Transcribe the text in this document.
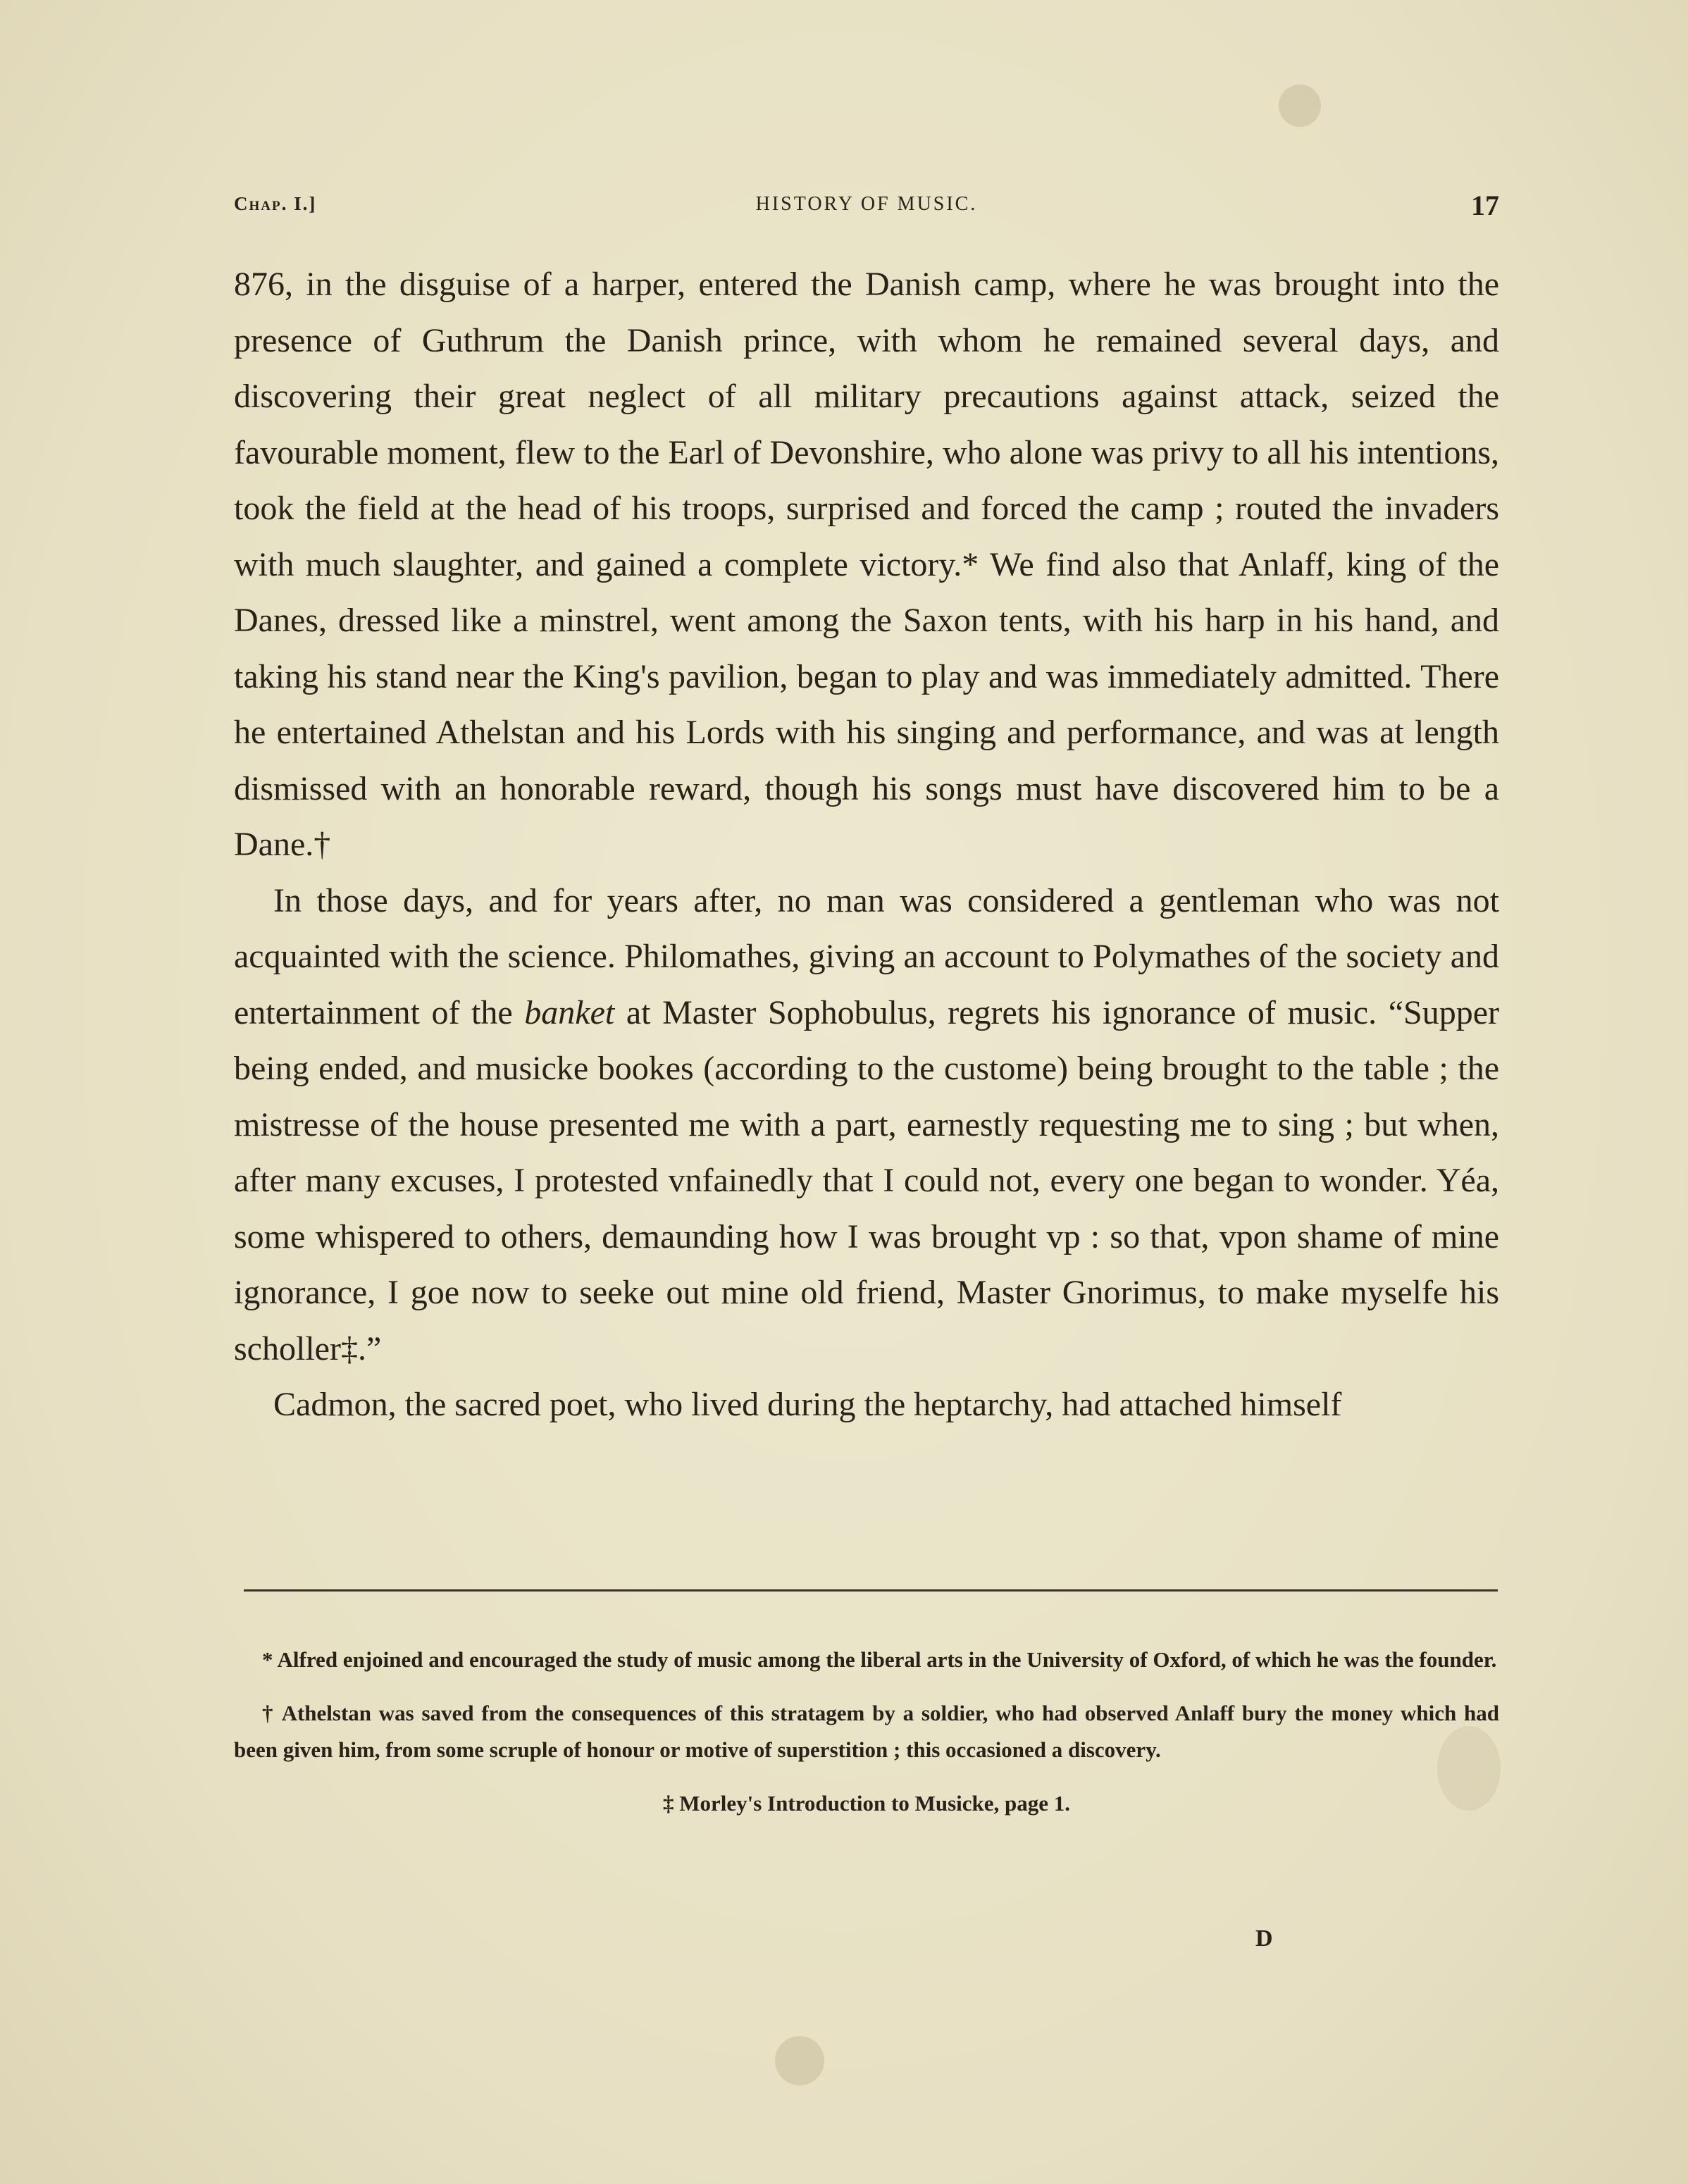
Chap. I.]	HISTORY OF MUSIC.	17

876, in the disguise of a harper, entered the Danish camp, where he was brought into the presence of Guthrum the Danish prince, with whom he remained several days, and discovering their great neglect of all military precautions against attack, seized the favourable moment, flew to the Earl of Devonshire, who alone was privy to all his intentions, took the field at the head of his troops, surprised and forced the camp ; routed the invaders with much slaughter, and gained a complete victory.* We find also that Anlaff, king of the Danes, dressed like a minstrel, went among the Saxon tents, with his harp in his hand, and taking his stand near the King's pavilion, began to play and was immediately admitted. There he entertained Athelstan and his Lords with his singing and performance, and was at length dismissed with an honorable reward, though his songs must have discovered him to be a Dane.†

In those days, and for years after, no man was considered a gentleman who was not acquainted with the science. Philomathes, giving an account to Polymathes of the society and entertainment of the banket at Master Sophobulus, regrets his ignorance of music. “Supper being ended, and musicke bookes (according to the custome) being brought to the table ; the mistresse of the house presented me with a part, earnestly requesting me to sing ; but when, after many excuses, I protested vnfainedly that I could not, every one began to wonder. Yéa, some whispered to others, demaunding how I was brought vp : so that, vpon shame of mine ignorance, I goe now to seeke out mine old friend, Master Gnorimus, to make myselfe his scholler‡.”

Cadmon, the sacred poet, who lived during the heptarchy, had attached himself

* Alfred enjoined and encouraged the study of music among the liberal arts in the University of Oxford, of which he was the founder.

† Athelstan was saved from the consequences of this stratagem by a soldier, who had observed Anlaff bury the money which had been given him, from some scruple of honour or motive of superstition ; this occasioned a discovery.

‡ Morley's Introduction to Musicke, page 1.

D
